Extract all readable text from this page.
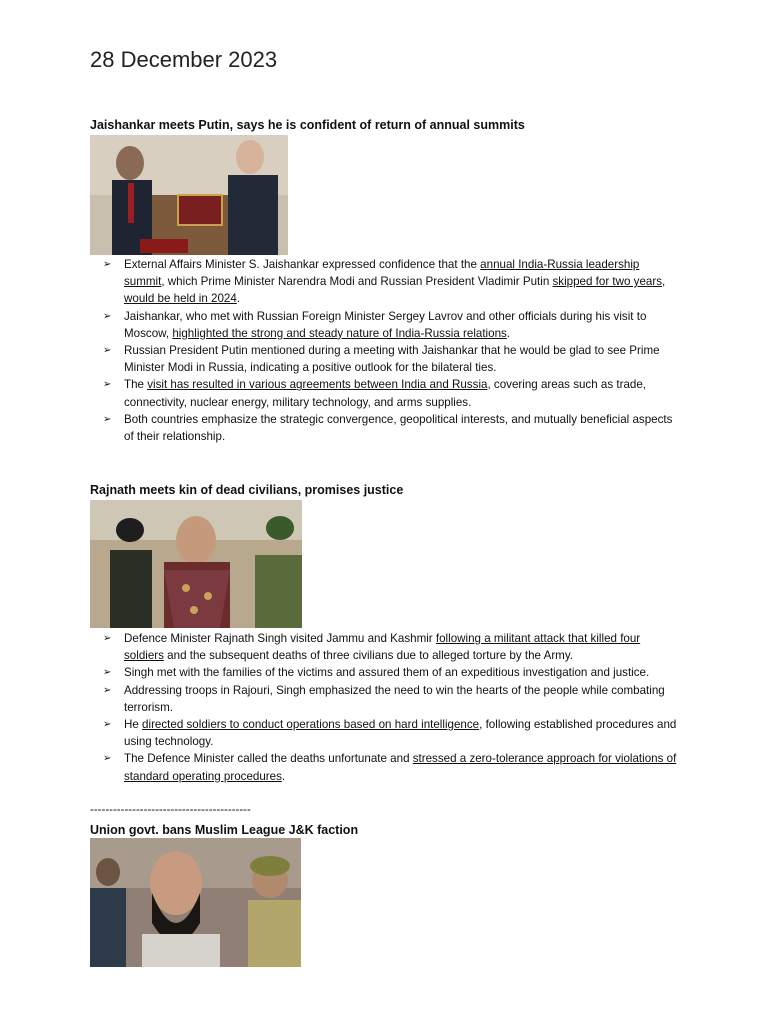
28 December 2023
Jaishankar meets Putin, says he is confident of return of annual summits
➢ External Affairs Minister S. Jaishankar expressed confidence that the annual India-Russia leadership summit, which Prime Minister Narendra Modi and Russian President Vladimir Putin skipped for two years, would be held in 2024.
➢ Jaishankar, who met with Russian Foreign Minister Sergey Lavrov and other officials during his visit to Moscow, highlighted the strong and steady nature of India-Russia relations.
➢ Russian President Putin mentioned during a meeting with Jaishankar that he would be glad to see Prime Minister Modi in Russia, indicating a positive outlook for the bilateral ties.
➢ The visit has resulted in various agreements between India and Russia, covering areas such as trade, connectivity, nuclear energy, military technology, and arms supplies.
➢ Both countries emphasize the strategic convergence, geopolitical interests, and mutually beneficial aspects of their relationship.
Rajnath meets kin of dead civilians, promises justice
➢ Defence Minister Rajnath Singh visited Jammu and Kashmir following a militant attack that killed four soldiers and the subsequent deaths of three civilians due to alleged torture by the Army.
➢ Singh met with the families of the victims and assured them of an expeditious investigation and justice.
➢ Addressing troops in Rajouri, Singh emphasized the need to win the hearts of the people while combating terrorism.
➢ He directed soldiers to conduct operations based on hard intelligence, following established procedures and using technology.
➢ The Defence Minister called the deaths unfortunate and stressed a zero-tolerance approach for violations of standard operating procedures.
------------------------------------------
Union govt. bans Muslim League J&K faction
